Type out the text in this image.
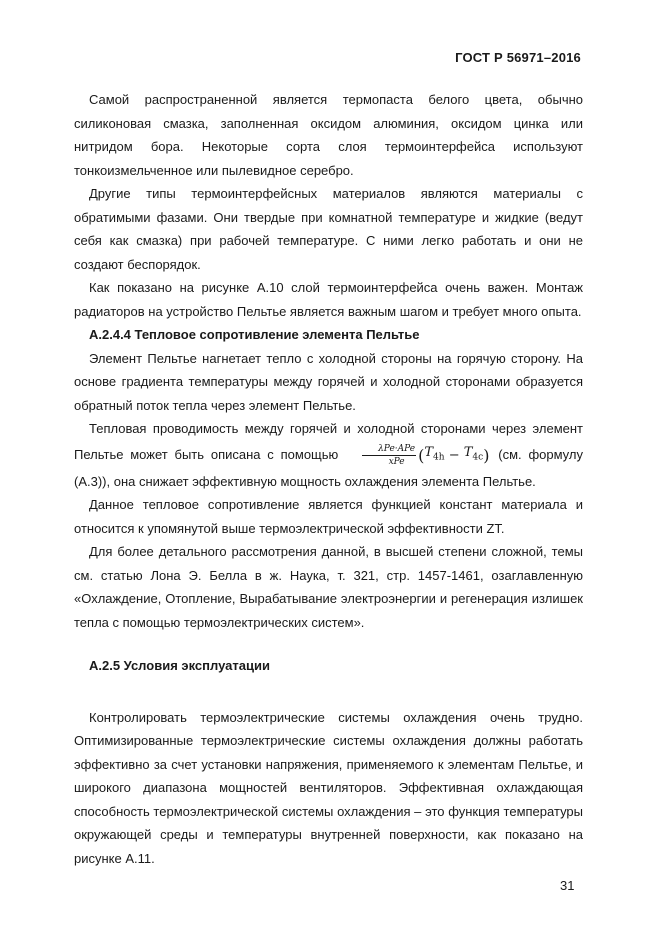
ГОСТ Р 56971–2016

Самой распространенной является термопаста белого цвета, обычно силиконовая смазка, заполненная оксидом алюминия, оксидом цинка или нитридом бора. Некоторые сорта слоя термоинтерфейса используют тонкоизмельченное или пылевидное серебро.

Другие типы термоинтерфейсных материалов являются материалы с обратимыми фазами. Они твердые при комнатной температуре и жидкие (ведут себя как смазка) при рабочей температуре. С ними легко работать и они не создают беспорядок.

Как показано на рисунке А.10 слой термоинтерфейса очень важен. Монтаж радиаторов на устройство Пельтье является важным шагом и требует много опыта.

А.2.4.4 Тепловое сопротивление элемента Пельтье

Элемент Пельтье нагнетает тепло с холодной стороны на горячую сторону. На основе градиента температуры между горячей и холодной сторонами образуется обратный поток тепла через элемент Пельтье.

Тепловая проводимость между горячей и холодной сторонами через элемент Пельтье может быть описана с помощью	$\frac{\text{λPe·APe}}{\text{xPe}} (T_{4h} - T_{4c})$ (см. формулу (А.3)), она снижает эффективную мощность охлаждения элемента Пельтье.

Данное тепловое сопротивление является функцией констант материала и относится к упомянутой выше термоэлектрической эффективности ZT.

Для более детального рассмотрения данной, в высшей степени сложной, темы см. статью Лона Э. Белла в ж. Наука, т. 321, стр. 1457-1461, озаглавленную «Охлаждение, Отопление, Вырабатывание электроэнергии и регенерация излишек тепла с помощью термоэлектрических систем».

А.2.5 Условия эксплуатации

Контролировать термоэлектрические системы охлаждения очень трудно. Оптимизированные термоэлектрические системы охлаждения должны работать эффективно за счет установки напряжения, применяемого к элементам Пельтье, и широкого диапазона мощностей вентиляторов. Эффективная охлаждающая способность термоэлектрической системы охлаждения – это функция температуры окружающей среды и температуры внутренней поверхности, как показано на рисунке А.11.

31
